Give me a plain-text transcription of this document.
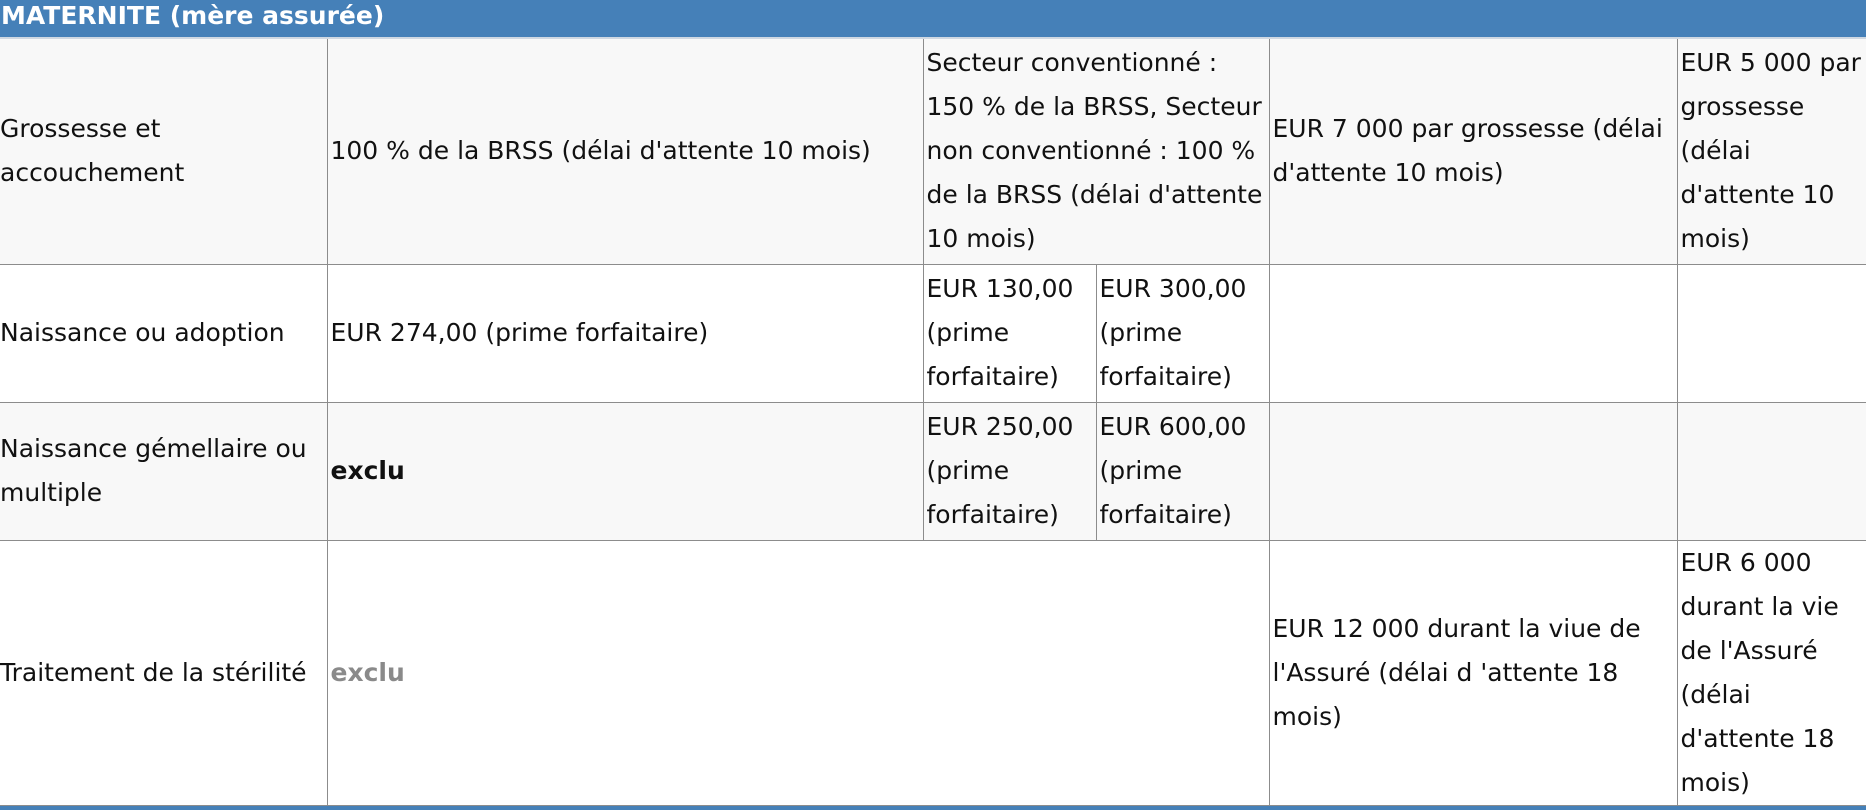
MATERNITE (mère assurée)
Grossesse et accouchement	100 % de la BRSS (délai d'attente 10 mois)	Secteur conventionné : 150 % de la BRSS, Secteur non conventionné : 100 % de la BRSS (délai d'attente 10 mois)		EUR 7 000 par grossesse (délai d'attente 10 mois)	EUR 5 000 par grossesse (délai d'attente 10 mois)
Naissance ou adoption	EUR 274,00 (prime forfaitaire)	EUR 130,00 (prime forfaitaire)	EUR 300,00 (prime forfaitaire)		
Naissance gémellaire ou multiple	exclu	EUR 250,00 (prime forfaitaire)	EUR 600,00 (prime forfaitaire)		
Traitement de la stérilité	exclu			EUR 12 000 durant la viue de l'Assuré (délai d 'attente 18 mois)	EUR 6 000 durant la vie de l'Assuré (délai d'attente 18 mois)
